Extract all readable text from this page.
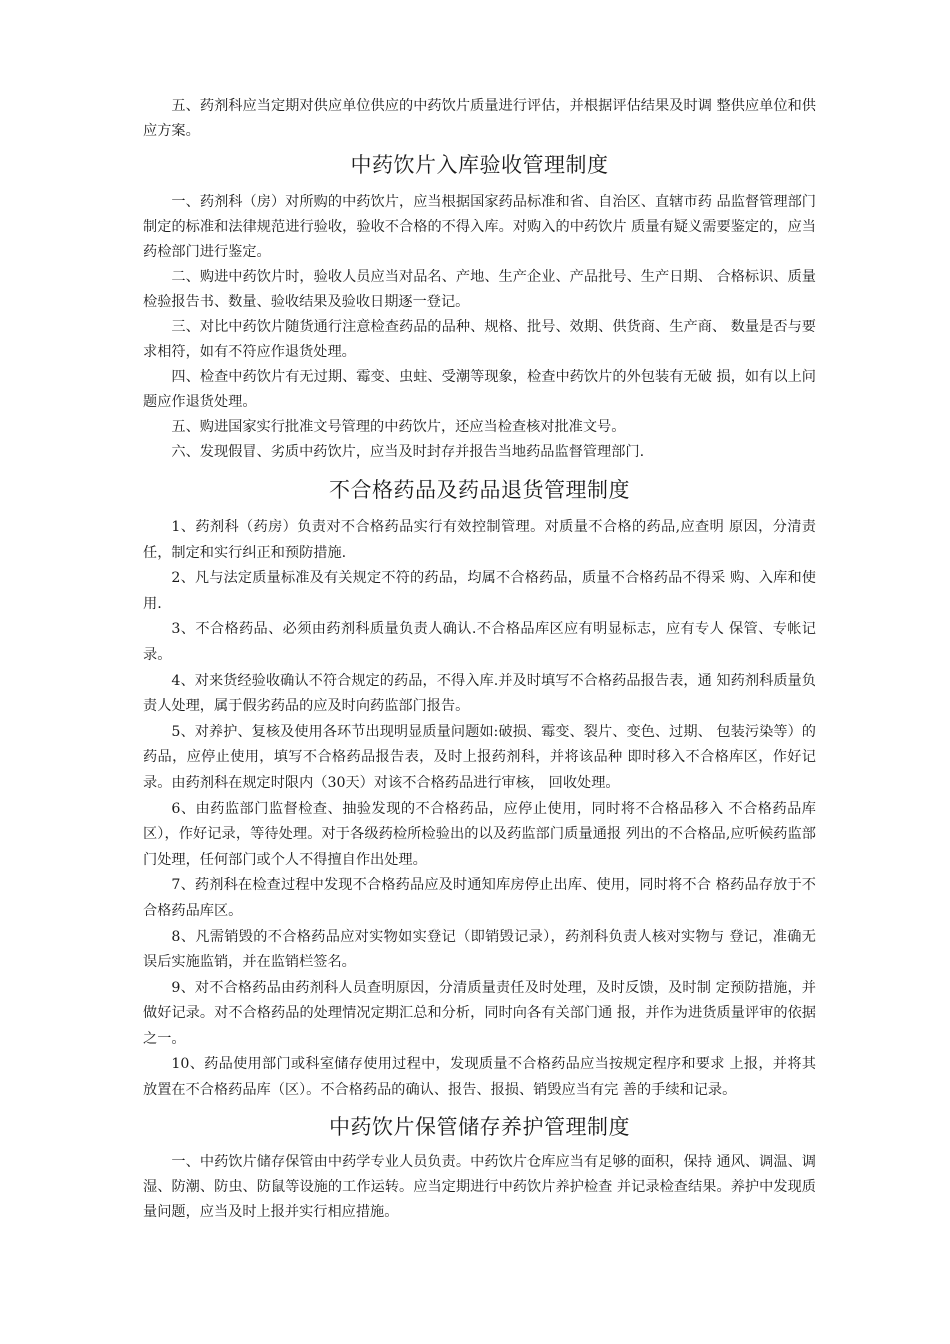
五、药剂科应当定期对供应单位供应的中药饮片质量进行评估，并根据评估结果及时调 整供应单位和供应方案。

中药饮片入库验收管理制度

一、药剂科（房）对所购的中药饮片，应当根据国家药品标准和省、自治区、直辖市药 品监督管理部门制定的标准和法律规范进行验收，验收不合格的不得入库。对购入的中药饮片 质量有疑义需要鉴定的，应当药检部门进行鉴定。

二、购进中药饮片时，验收人员应当对品名、产地、生产企业、产品批号、生产日期、 合格标识、质量检验报告书、数量、验收结果及验收日期逐一登记。

三、对比中药饮片随货通行注意检查药品的品种、规格、批号、效期、供货商、生产商、 数量是否与要求相符，如有不符应作退货处理。

四、检查中药饮片有无过期、霉变、虫蛀、受潮等现象，检查中药饮片的外包装有无破 损，如有以上问题应作退货处理。

五、购进国家实行批准文号管理的中药饮片，还应当检查核对批准文号。

六、发现假冒、劣质中药饮片，应当及时封存并报告当地药品监督管理部门.

不合格药品及药品退货管理制度

1、药剂科（药房）负责对不合格药品实行有效控制管理。对质量不合格的药品,应查明 原因，分清责任，制定和实行纠正和预防措施.

2、凡与法定质量标准及有关规定不符的药品，均属不合格药品，质量不合格药品不得采 购、入库和使用.

3、不合格药品、必须由药剂科质量负责人确认.不合格品库区应有明显标志，应有专人 保管、专帐记录。

4、对来货经验收确认不符合规定的药品，不得入库.并及时填写不合格药品报告表，通 知药剂科质量负责人处理，属于假劣药品的应及时向药监部门报告。

5、对养护、复核及使用各环节出现明显质量问题如:破损、霉变、裂片、变色、过期、 包装污染等）的药品，应停止使用，填写不合格药品报告表，及时上报药剂科，并将该品种 即时移入不合格库区，作好记录。由药剂科在规定时限内（30天）对该不合格药品进行审核， 回收处理。

6、由药监部门监督检查、抽验发现的不合格药品，应停止使用，同时将不合格品移入 不合格药品库区），作好记录，等待处理。对于各级药检所检验出的以及药监部门质量通报 列出的不合格品,应听候药监部门处理，任何部门或个人不得擅自作出处理。

7、药剂科在检查过程中发现不合格药品应及时通知库房停止出库、使用，同时将不合 格药品存放于不合格药品库区。

8、凡需销毁的不合格药品应对实物如实登记（即销毁记录），药剂科负责人核对实物与 登记，准确无误后实施监销，并在监销栏签名。

9、对不合格药品由药剂科人员查明原因，分清质量责任及时处理，及时反馈，及时制 定预防措施，并做好记录。对不合格药品的处理情况定期汇总和分析，同时向各有关部门通 报，并作为进货质量评审的依据之一。

10、药品使用部门或科室储存使用过程中，发现质量不合格药品应当按规定程序和要求 上报，并将其放置在不合格药品库（区）。不合格药品的确认、报告、报损、销毁应当有完 善的手续和记录。

中药饮片保管储存养护管理制度

一、中药饮片储存保管由中药学专业人员负责。中药饮片仓库应当有足够的面积，保持 通风、调温、调湿、防潮、防虫、防鼠等设施的工作运转。应当定期进行中药饮片养护检查 并记录检查结果。养护中发现质量问题，应当及时上报并实行相应措施。
